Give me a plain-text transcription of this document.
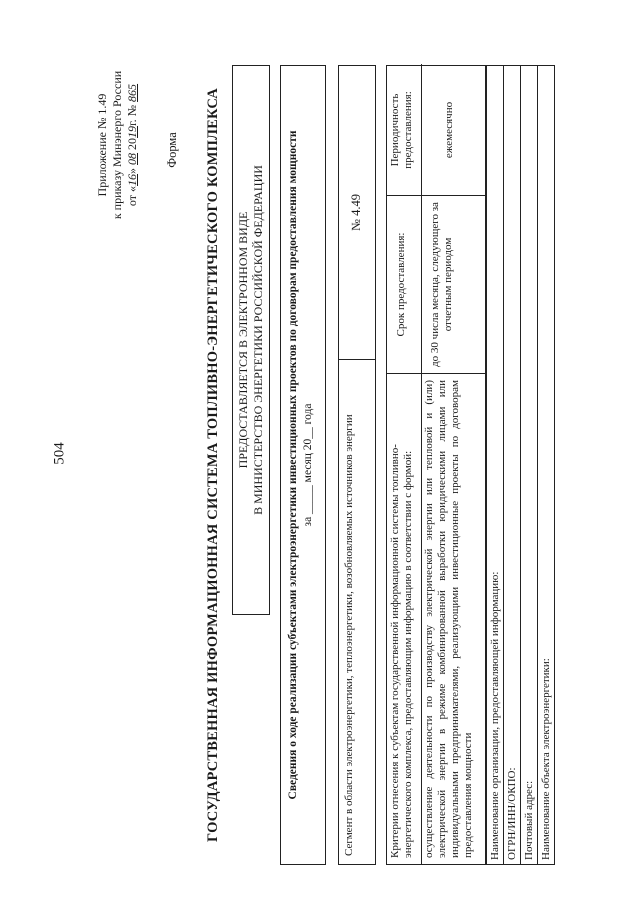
504
Приложение № 1.49 к приказу Минэнерго России от «16» 08 2019г. № 865
Форма ГОСУДАРСТВЕННАЯ ИНФОРМАЦИОННАЯ СИСТЕМА ТОПЛИВНО-ЭНЕРГЕТИЧЕСКОГО КОМПЛЕКСА ПРЕДОСТАВЛЯЕТСЯ В ЭЛЕКТРОННОМ ВИДЕ В МИНИСТЕРСТВО ЭНЕРГЕТИКИ РОССИЙСКОЙ ФЕДЕРАЦИИ Сведения о ходе реализации субъектами электроэнергетики инвестиционных проектов по договорам предоставления мощности за _____ месяц 20__ года	Сегмент в области электроэнергетики, теплоэнергетики, возобновляемых источников энергии
№ 4.49
Критерии отнесения к субъектам государственной информационной системы топливно-энергетического комплекса, предоставляющим информацию в соответствии с формой: осуществление деятельности по производству электрической энергии или тепловой и (или) электрической энергии в режиме комбинированной выработки юридическими лицами или индивидуальными предпринимателями, реализующими инвестиционные проекты по договорам предоставления мощности
Срок предоставления: до 30 числа месяца, следующего за отчетным периодом
Периодичность предоставления:	ежемесячно
Наименование организации, предоставляющей информацию: ОГРН/ИНН/ОКПО: Почтовый адрес: Наименование объекта электроэнергетики:
